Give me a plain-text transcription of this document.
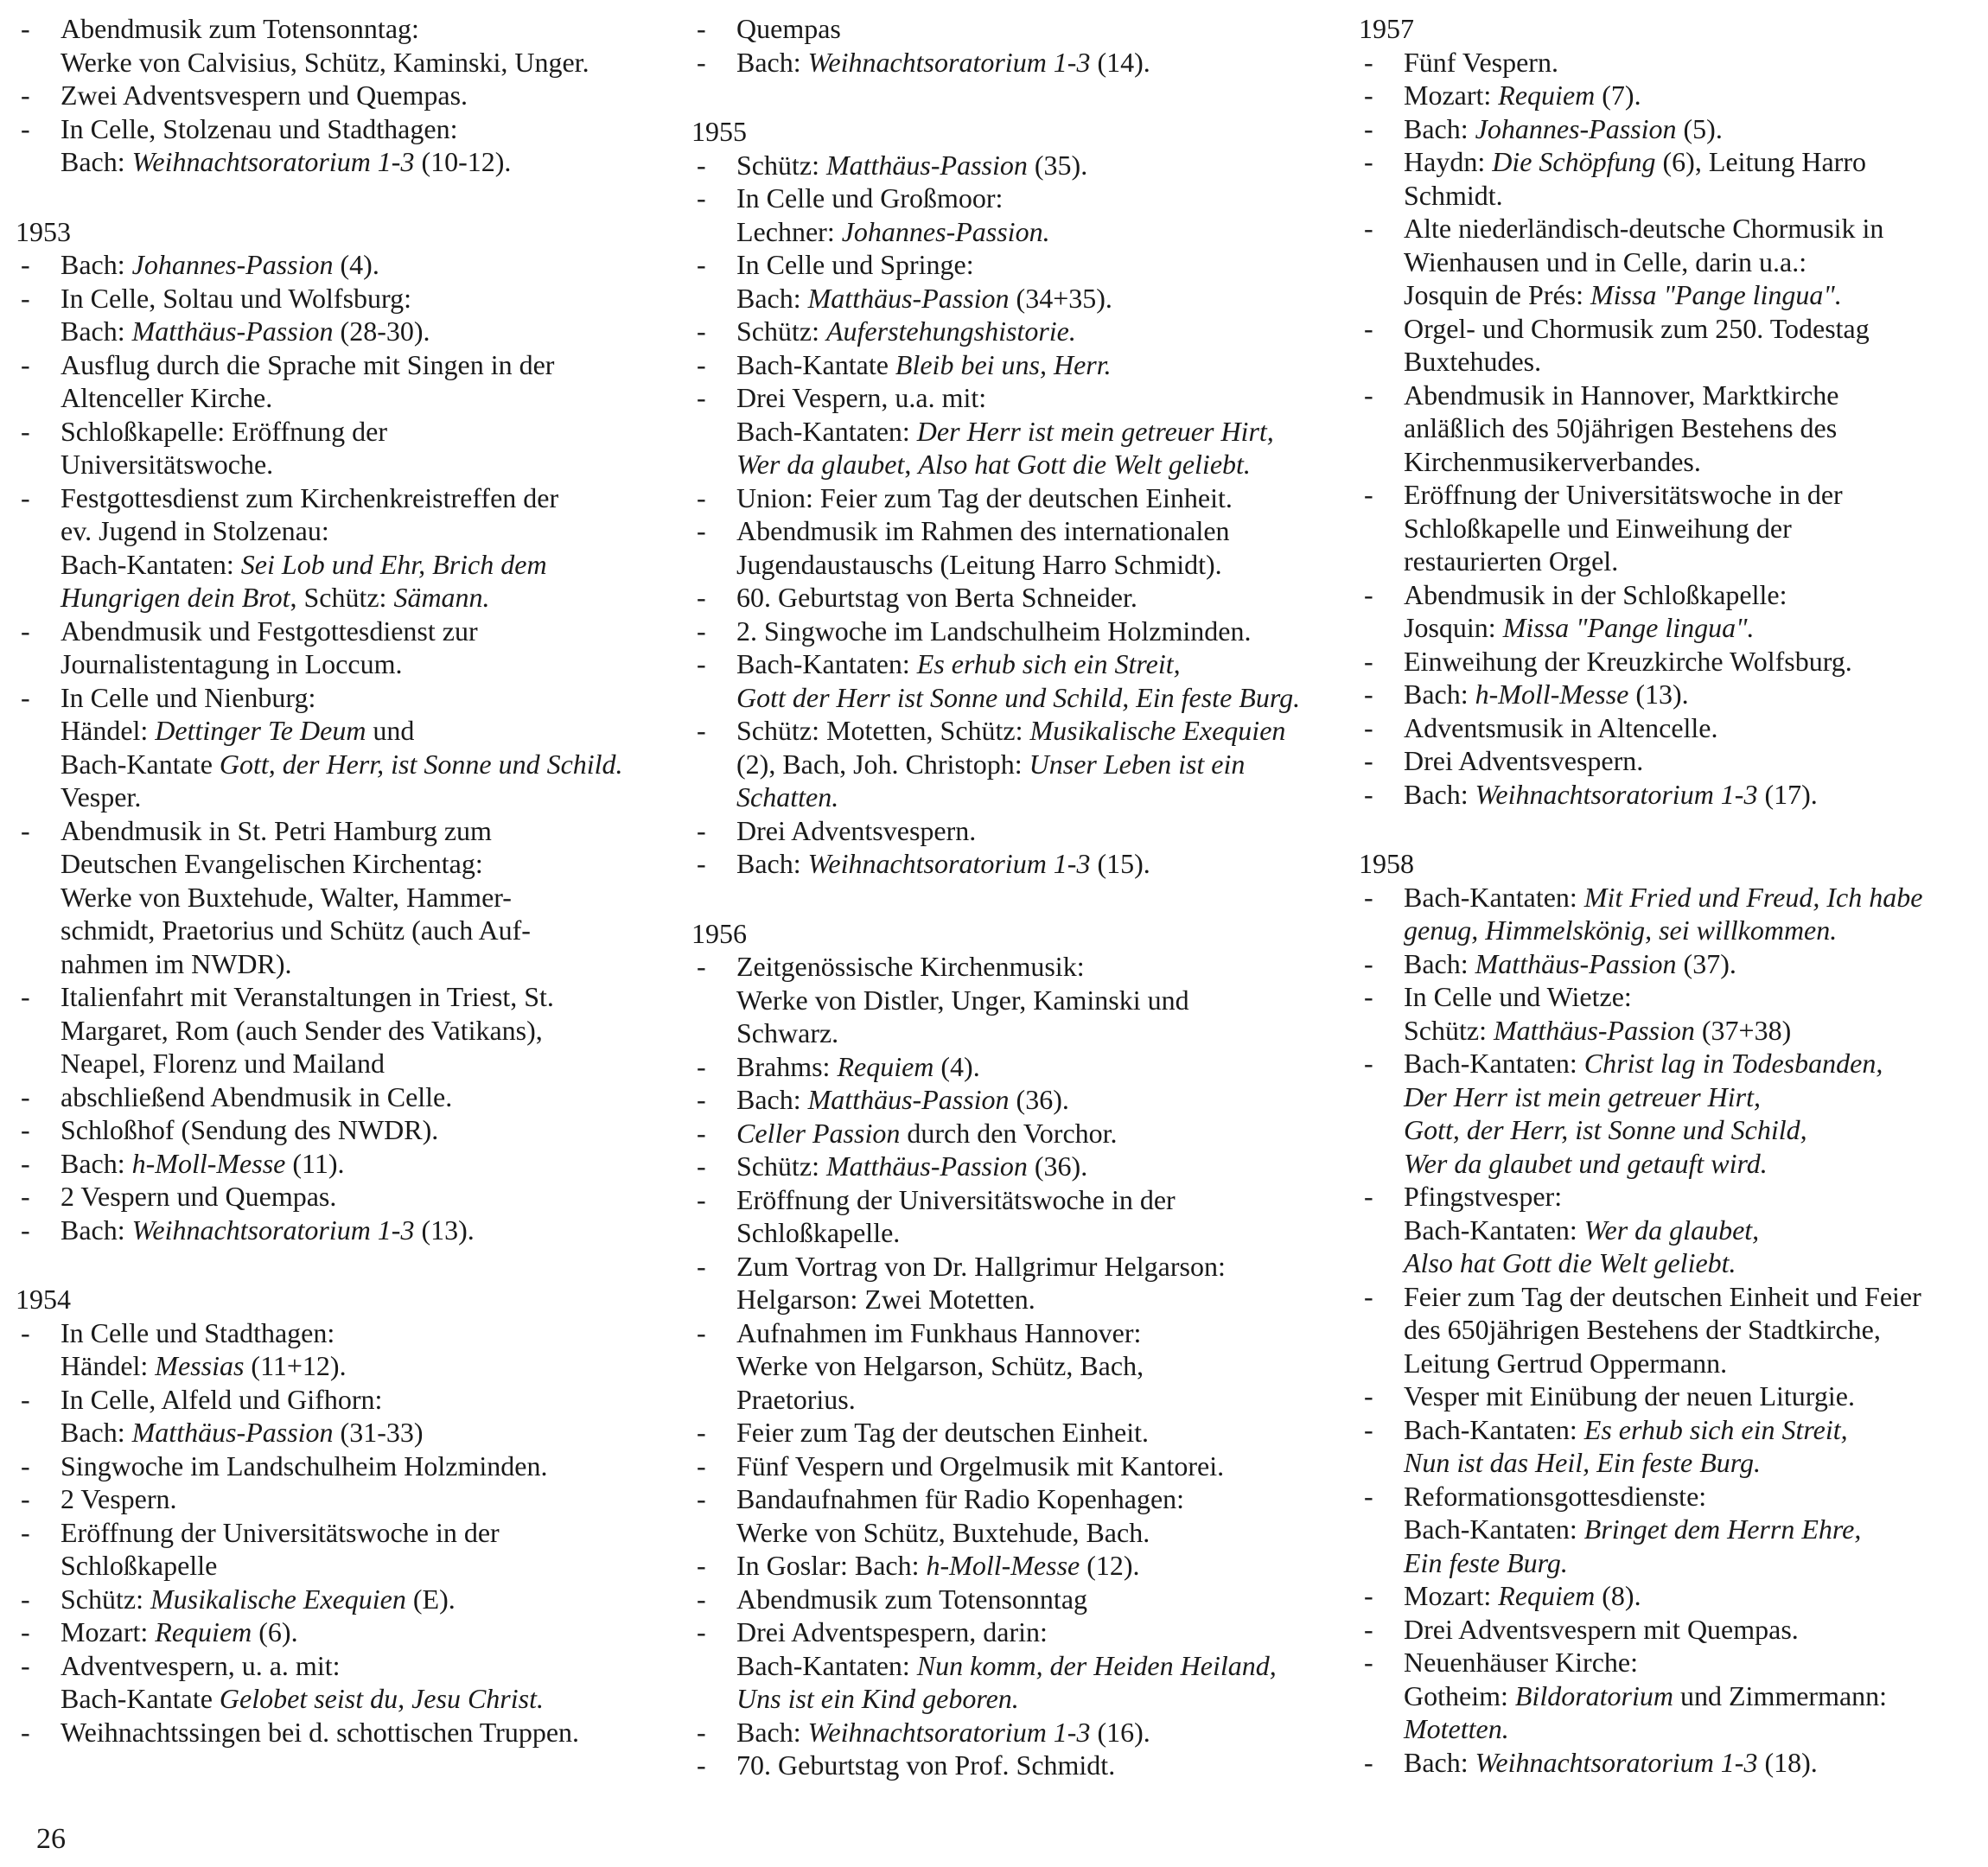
- Abendmusik zum Totensonntag:
Werke von Calvisius, Schütz, Kaminski, Unger.
- Zwei Adventsvespern und Quempas.
- In Celle, Stolzenau und Stadthagen:
Bach: Weihnachtsoratorium 1-3 (10-12).
1953
- Bach: Johannes-Passion (4).
- In Celle, Soltau und Wolfsburg:
Bach: Matthäus-Passion (28-30).
- Ausflug durch die Sprache mit Singen in der
Altenceller Kirche.
- Schloßkapelle: Eröffnung der
Universitätswoche.
- Festgottesdienst zum Kirchenkreistreffen der
ev. Jugend in Stolzenau:
Bach-Kantaten: Sei Lob und Ehr, Brich dem
Hungrigen dein Brot, Schütz: Sämann.
- Abendmusik und Festgottesdienst zur
Journalistentagung in Loccum.
- In Celle und Nienburg:
Händel: Dettinger Te Deum und
Bach-Kantate Gott, der Herr, ist Sonne und Schild.
Vesper.
- Abendmusik in St. Petri Hamburg zum
Deutschen Evangelischen Kirchentag:
Werke von Buxtehude, Walter, Hammer-
schmidt, Praetorius und Schütz (auch Auf-
nahmen im NWDR).
- Italienfahrt mit Veranstaltungen in Triest, St.
Margaret, Rom (auch Sender des Vatikans),
Neapel, Florenz und Mailand
- abschließend Abendmusik in Celle.
- Schloßhof (Sendung des NWDR).
- Bach: h-Moll-Messe (11).
- 2 Vespern und Quempas.
- Bach: Weihnachtsoratorium 1-3 (13).
1954
- In Celle und Stadthagen:
Händel: Messias (11+12).
- In Celle, Alfeld und Gifhorn:
Bach: Matthäus-Passion (31-33)
- Singwoche im Landschulheim Holzminden.
- 2 Vespern.
- Eröffnung der Universitätswoche in der
Schloßkapelle
- Schütz: Musikalische Exequien (E).
- Mozart: Requiem (6).
- Adventvespern, u. a. mit:
Bach-Kantate Gelobet seist du, Jesu Christ.
- Weihnachtssingen bei d. schottischen Truppen.
- Quempas
- Bach: Weihnachtsoratorium 1-3 (14).
1955
- Schütz: Matthäus-Passion (35).
- In Celle und Großmoor:
Lechner: Johannes-Passion.
- In Celle und Springe:
Bach: Matthäus-Passion (34+35).
- Schütz: Auferstehungshistorie.
- Bach-Kantate Bleib bei uns, Herr.
- Drei Vespern, u.a. mit:
Bach-Kantaten: Der Herr ist mein getreuer Hirt,
Wer da glaubet, Also hat Gott die Welt geliebt.
- Union: Feier zum Tag der deutschen Einheit.
- Abendmusik im Rahmen des internationalen
Jugendaustauschs (Leitung Harro Schmidt).
- 60. Geburtstag von Berta Schneider.
- 2. Singwoche im Landschulheim Holzminden.
- Bach-Kantaten: Es erhub sich ein Streit,
Gott der Herr ist Sonne und Schild, Ein feste Burg.
- Schütz: Motetten, Schütz: Musikalische Exequien
(2), Bach, Joh. Christoph: Unser Leben ist ein
Schatten.
- Drei Adventsvespern.
- Bach: Weihnachtsoratorium 1-3 (15).
1956
- Zeitgenössische Kirchenmusik:
Werke von Distler, Unger, Kaminski und
Schwarz.
- Brahms: Requiem (4).
- Bach: Matthäus-Passion (36).
- Celler Passion durch den Vorchor.
- Schütz: Matthäus-Passion (36).
- Eröffnung der Universitätswoche in der
Schloßkapelle.
- Zum Vortrag von Dr. Hallgrimur Helgarson:
Helgarson: Zwei Motetten.
- Aufnahmen im Funkhaus Hannover:
Werke von Helgarson, Schütz, Bach,
Praetorius.
- Feier zum Tag der deutschen Einheit.
- Fünf Vespern und Orgelmusik mit Kantorei.
- Bandaufnahmen für Radio Kopenhagen:
Werke von Schütz, Buxtehude, Bach.
- In Goslar: Bach: h-Moll-Messe (12).
- Abendmusik zum Totensonntag
- Drei Adventspespern, darin:
Bach-Kantaten: Nun komm, der Heiden Heiland,
Uns ist ein Kind geboren.
- Bach: Weihnachtsoratorium 1-3 (16).
- 70. Geburtstag von Prof. Schmidt.
1957
- Fünf Vespern.
- Mozart: Requiem (7).
- Bach: Johannes-Passion (5).
- Haydn: Die Schöpfung (6), Leitung Harro
Schmidt.
- Alte niederländisch-deutsche Chormusik in
Wienhausen und in Celle, darin u.a.:
Josquin de Prés: Missa "Pange lingua".
- Orgel- und Chormusik zum 250. Todestag
Buxtehudes.
- Abendmusik in Hannover, Marktkirche
anläßlich des 50jährigen Bestehens des
Kirchenmusikerverbandes.
- Eröffnung der Universitätswoche in der
Schloßkapelle und Einweihung der
restaurierten Orgel.
- Abendmusik in der Schloßkapelle:
Josquin: Missa "Pange lingua".
- Einweihung der Kreuzkirche Wolfsburg.
- Bach: h-Moll-Messe (13).
- Adventsmusik in Altencelle.
- Drei Adventsvespern.
- Bach: Weihnachtsoratorium 1-3 (17).
1958
- Bach-Kantaten: Mit Fried und Freud, Ich habe
genug, Himmelskönig, sei willkommen.
- Bach: Matthäus-Passion (37).
- In Celle und Wietze:
Schütz: Matthäus-Passion (37+38)
- Bach-Kantaten: Christ lag in Todesbanden,
Der Herr ist mein getreuer Hirt,
Gott, der Herr, ist Sonne und Schild,
Wer da glaubet und getauft wird.
- Pfingstvesper:
Bach-Kantaten: Wer da glaubet,
Also hat Gott die Welt geliebt.
- Feier zum Tag der deutschen Einheit und Feier
des 650jährigen Bestehens der Stadtkirche,
Leitung Gertrud Oppermann.
- Vesper mit Einübung der neuen Liturgie.
- Bach-Kantaten: Es erhub sich ein Streit,
Nun ist das Heil, Ein feste Burg.
- Reformationsgottesdienste:
Bach-Kantaten: Bringet dem Herrn Ehre,
Ein feste Burg.
- Mozart: Requiem (8).
- Drei Adventsvespern mit Quempas.
- Neuenhäuser Kirche:
Gotheim: Bildoratorium und Zimmermann:
Motetten.
- Bach: Weihnachtsoratorium 1-3 (18).
26
